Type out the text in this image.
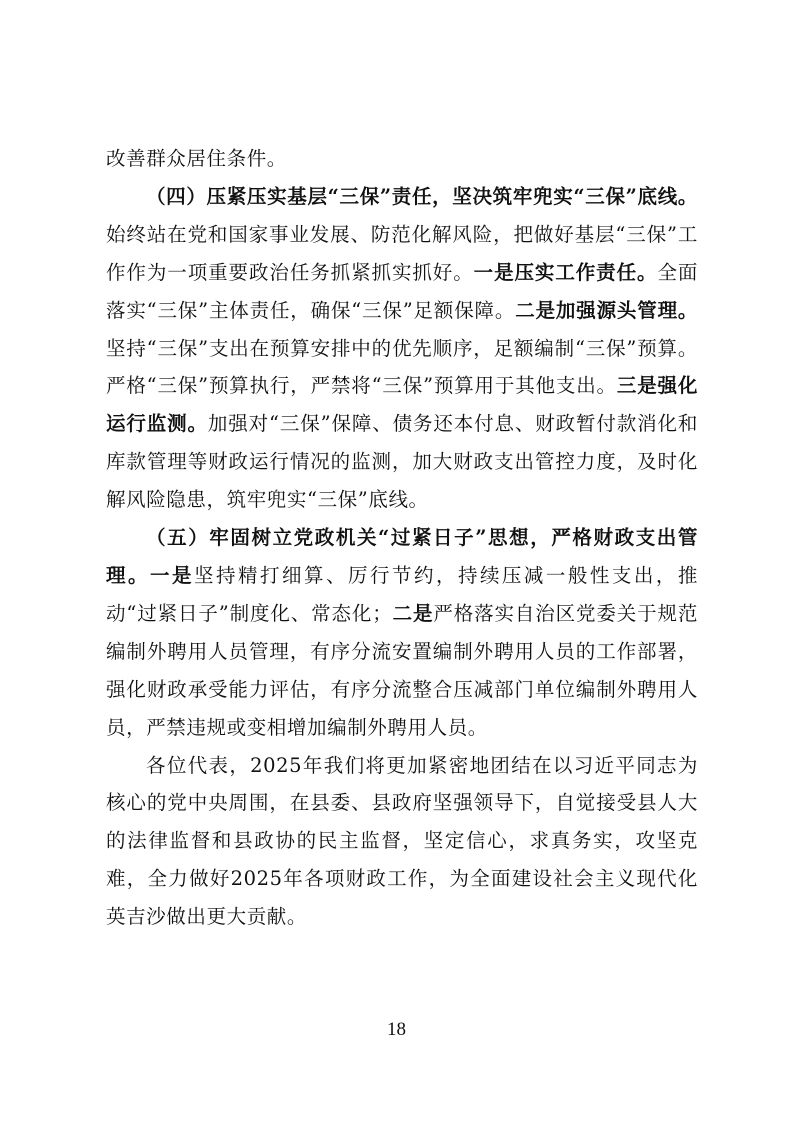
改善群众居住条件。

（四）压紧压实基层“三保”责任，坚决筑牢兜实“三保”底线。始终站在党和国家事业发展、防范化解风险，把做好基层“三保”工作作为一项重要政治任务抓紧抓实抓好。一是压实工作责任。全面落实“三保”主体责任，确保“三保”足额保障。二是加强源头管理。坚持“三保”支出在预算安排中的优先顺序，足额编制“三保”预算。严格“三保”预算执行，严禁将“三保”预算用于其他支出。三是强化运行监测。加强对“三保”保障、债务还本付息、财政暂付款消化和库款管理等财政运行情况的监测，加大财政支出管控力度，及时化解风险隐患，筑牢兜实“三保”底线。

（五）牢固树立党政机关“过紧日子”思想，严格财政支出管理。一是坚持精打细算、厉行节约，持续压减一般性支出，推动“过紧日子”制度化、常态化；二是严格落实自治区党委关于规范编制外聘用人员管理，有序分流安置编制外聘用人员的工作部署，强化财政承受能力评估，有序分流整合压减部门单位编制外聘用人员，严禁违规或变相增加编制外聘用人员。

各位代表，2025年我们将更加紧密地团结在以习近平同志为核心的党中央周围，在县委、县政府坚强领导下，自觉接受县人大的法律监督和县政协的民主监督，坚定信心，求真务实，攻坚克难，全力做好2025年各项财政工作，为全面建设社会主义现代化英吉沙做出更大贡献。

18
